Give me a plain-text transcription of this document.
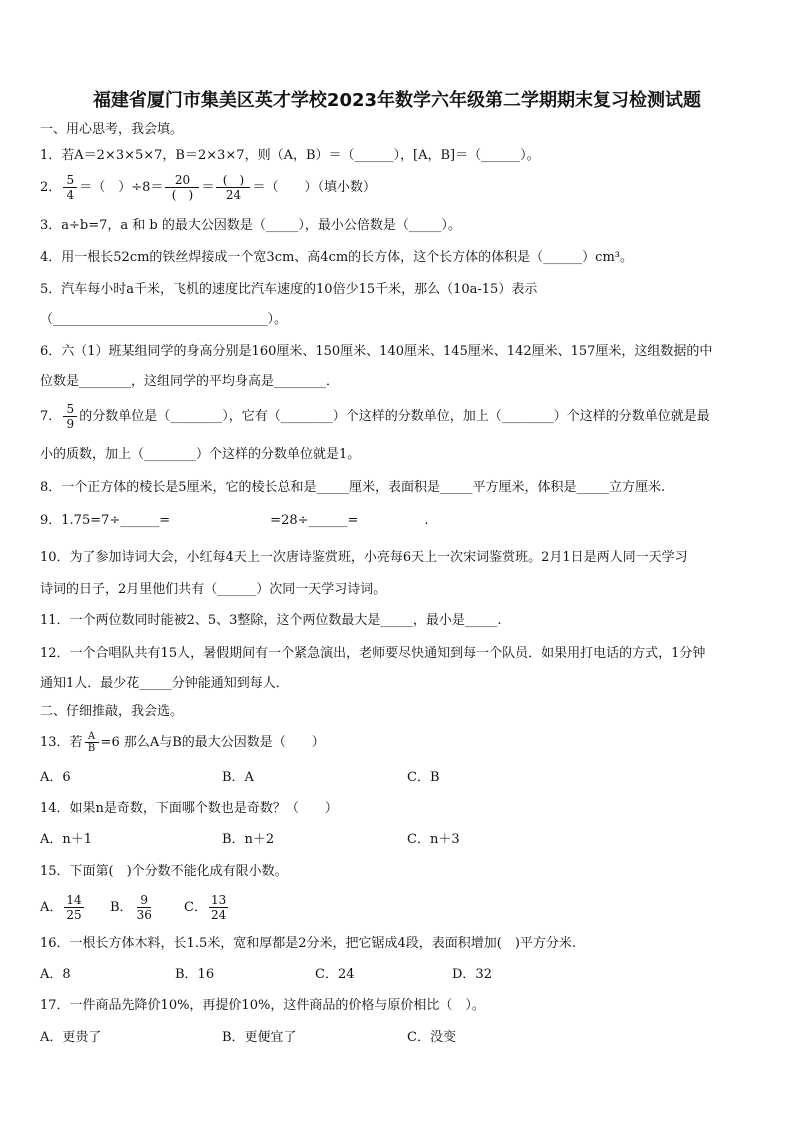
福建省厦门市集美区英才学校2023年数学六年级第二学期期末复习检测试题
一、用心思考，我会填。
1．若A＝2×3×5×7，B＝2×3×7，则（A，B）＝（______），[A，B]＝（______）。
2． $\frac{5}{4}$ ＝（　）$\div 8= \frac{20}{( )} = \frac{( )}{24}$ ＝（　　）（填小数）
3．a÷b=7，a 和 b 的最大公因数是（_____），最小公倍数是（_____）。
4．用一根长52cm的铁丝焊接成一个宽3cm、高4cm的长方体，这个长方体的体积是（______）cm³。
5．汽车每小时a千米，飞机的速度比汽车速度的10倍少15千米，那么（10a-15）表示
（_________________________________）。
6．六（1）班某组同学的身高分别是160厘米、150厘米、140厘米、145厘米、142厘米、157厘米，这组数据的中
位数是________，这组同学的平均身高是________．
7． $\frac{5}{9}$ 的分数单位是（________），它有（________）个这样的分数单位，加上（________）个这样的分数单位就是最
小的质数，加上（________）个这样的分数单位就是1。
8．一个正方体的棱长是5厘米，它的棱长总和是_____厘米，表面积是_____平方厘米，体积是_____立方厘米.
9．1.75=7÷______=	=28÷______=	.
10．为了参加诗词大会，小红每4天上一次唐诗鉴赏班，小亮每6天上一次宋词鉴赏班。2月1日是两人同一天学习
诗词的日子，2月里他们共有（______）次同一天学习诗词。
11．一个两位数同时能被2、5、3整除，这个两位数最大是_____，最小是_____.
12．一个合唱队共有15人，暑假期间有一个紧急演出，老师要尽快通知到每一个队员．如果用打电话的方式，1分钟
通知1人．最少花_____分钟能通知到每人．
二、仔细推敲，我会选。
13．若 $\frac{A}{B} =6$ 那么A与B的最大公因数是（　　）
A．6	B．A	C．B
14．如果n是奇数，下面哪个数也是奇数？（　　）
A．n＋1	B．n＋2	C．n＋3
15．下面第(　)个分数不能化成有限小数。
A． $\frac{14}{25}$ B． $\frac{9}{36}$ C． $\frac{13}{24}$
16．一根长方体木料，长1.5米，宽和厚都是2分米，把它锯成4段，表面积增加(　)平方分米.
A．8	B．16	C．24	D．32
17．一件商品先降价10%，再提价10%，这件商品的价格与原价相比（　）。
A．更贵了	B．更便宜了	C．没变
